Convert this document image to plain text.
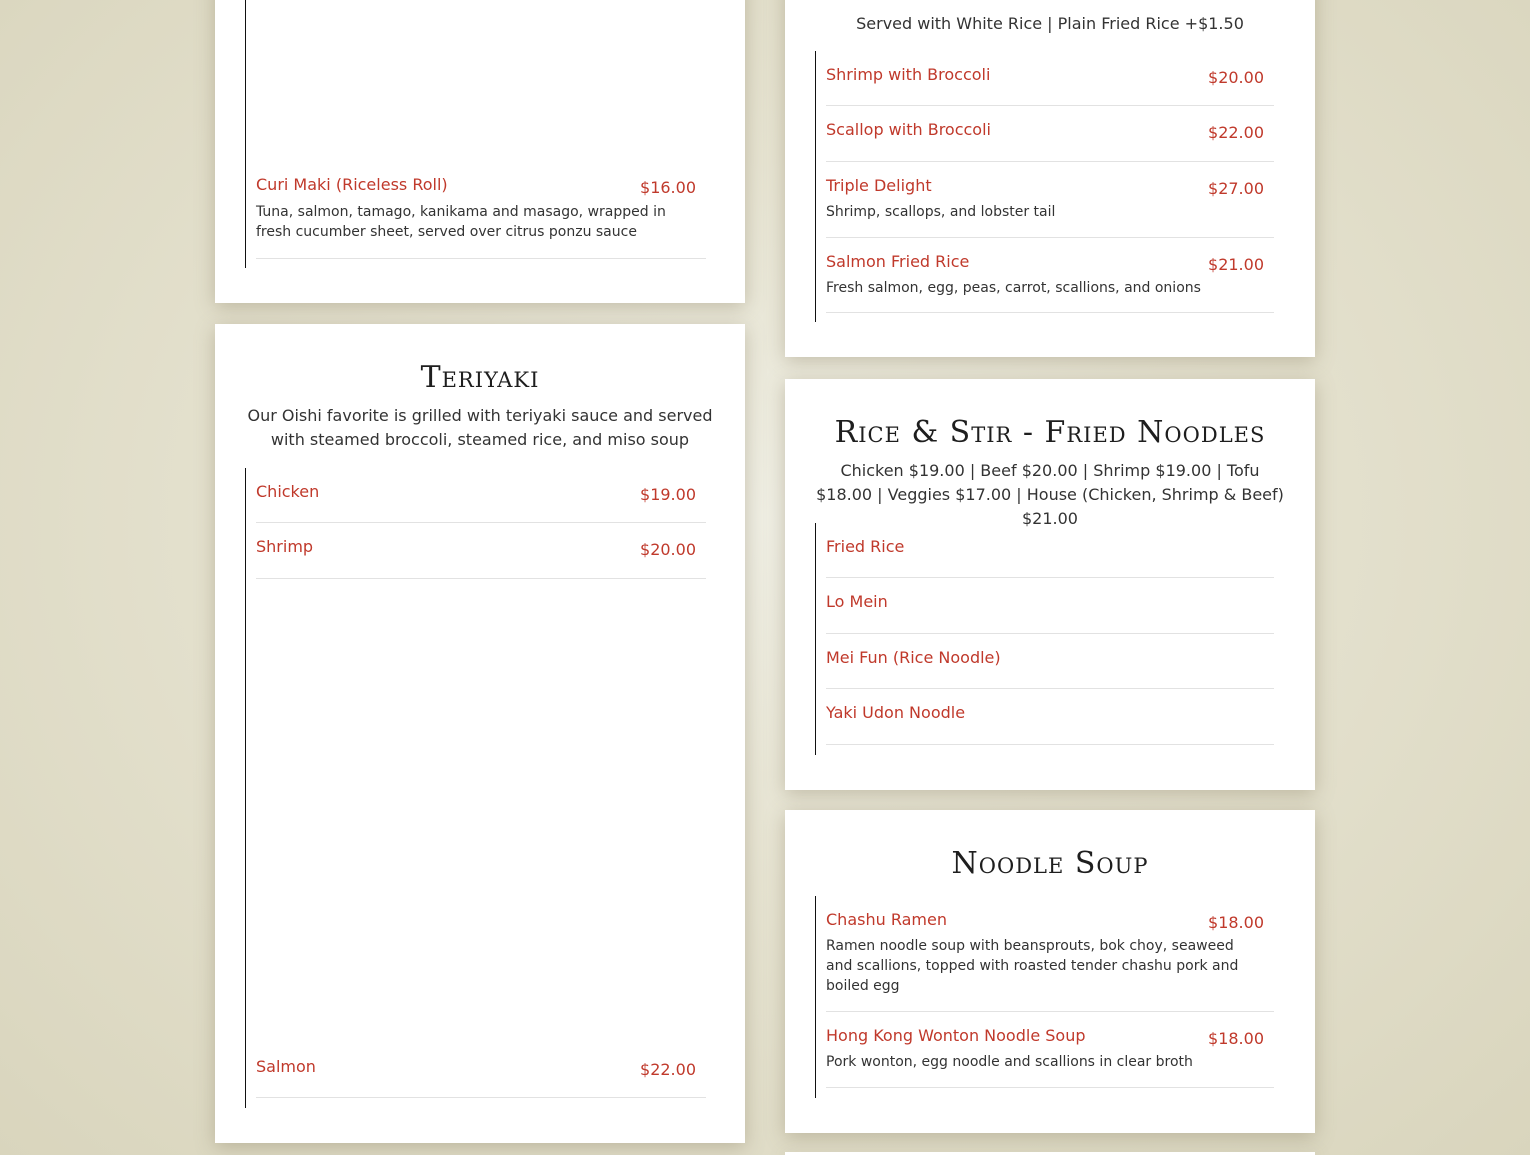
Curi Maki (Riceless Roll)	$16.00
Tuna, salmon, tamago, kanikama and masago, wrapped in fresh cucumber sheet, served over citrus ponzu sauce
Teriyaki
Our Oishi favorite is grilled with teriyaki sauce and served with steamed broccoli, steamed rice, and miso soup
Chicken	$19.00
Shrimp	$20.00
Salmon	$22.00
Served with White Rice | Plain Fried Rice +$1.50
Shrimp with Broccoli	$20.00
Scallop with Broccoli	$22.00
Triple Delight	$27.00
Shrimp, scallops, and lobster tail
Salmon Fried Rice	$21.00
Fresh salmon, egg, peas, carrot, scallions, and onions
Rice & Stir - Fried Noodles
Chicken $19.00 | Beef $20.00 | Shrimp $19.00 | Tofu $18.00 | Veggies $17.00 | House (Chicken, Shrimp & Beef) $21.00
Fried Rice
Lo Mein
Mei Fun (Rice Noodle)
Yaki Udon Noodle
Noodle Soup
Chashu Ramen	$18.00
Ramen noodle soup with beansprouts, bok choy, seaweed and scallions, topped with roasted tender chashu pork and boiled egg
Hong Kong Wonton Noodle Soup	$18.00
Pork wonton, egg noodle and scallions in clear broth
